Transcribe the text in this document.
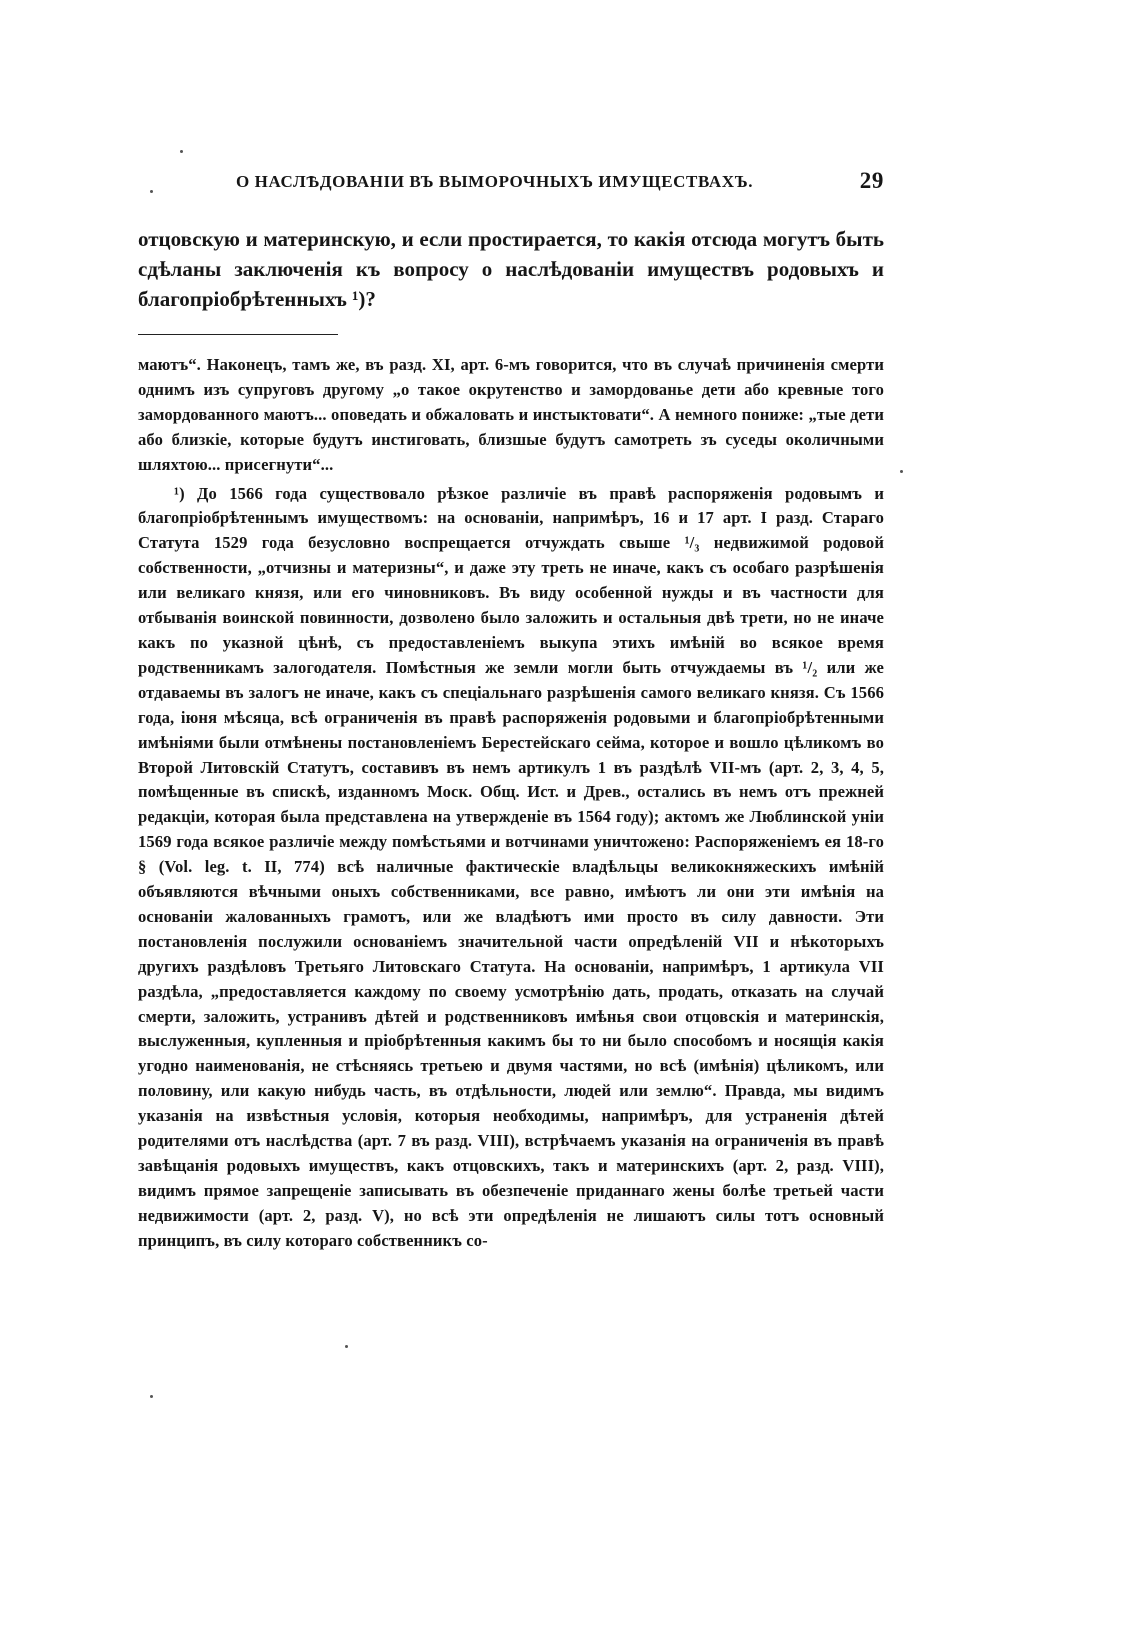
О НАСЛѢДОВАНІИ ВЪ ВЫМОРОЧНЫХЪ ИМУЩЕСТВАХЪ.	29

отцовскую и материнскую, и если простирается, то какія отсюда могутъ быть сдѣланы заключенія къ вопросу о наслѣдованіи имуществъ родовыхъ и благопріобрѣтенныхъ ¹)?

маютъ“. Наконецъ, тамъ же, въ разд. XI, арт. 6-мъ говорится, что въ случаѣ причиненія смерти однимъ изъ супруговъ другому „о такое окрутенство и замордованье дети або кревные того замордованного маютъ... оповедать и обжаловать и инстыктовати“. А немного пониже: „тые дети або близкіе, которые будутъ инстиговать, близшые будутъ самотреть зъ суседы околичными шляхтою... присегнути“...

¹) До 1566 года существовало рѣзкое различіе въ правѣ распоряженія родовымъ и благопріобрѣтеннымъ имуществомъ: на основаніи, напримѣръ, 16 и 17 арт. I разд. Стараго Статута 1529 года безусловно воспрещается отчуждать свыше ¹/₃ недвижимой родовой собственности, „отчизны и материзны“, и даже эту треть не иначе, какъ съ особаго разрѣшенія или великаго князя, или его чиновниковъ. Въ виду особенной нужды и въ частности для отбыванія воинской повинности, дозволено было заложить и остальныя двѣ трети, но не иначе какъ по указной цѣнѣ, съ предоставленіемъ выкупа этихъ имѣній во всякое время родственникамъ залогодателя. Помѣстныя же земли могли быть отчуждаемы въ ¹/₂ или же отдаваемы въ залогъ не иначе, какъ съ спеціальнаго разрѣшенія самого великаго князя. Съ 1566 года, іюня мѣсяца, всѣ ограниченія въ правѣ распоряженія родовыми и благопріобрѣтенными имѣніями были отмѣнены постановленіемъ Берестейскаго сейма, которое и вошло цѣликомъ во Второй Литовскій Статутъ, составивъ въ немъ артикулъ 1 въ раздѣлѣ VII-мъ (арт. 2, 3, 4, 5, помѣщенные въ спискѣ, изданномъ Моск. Общ. Ист. и Древ., остались въ немъ отъ прежней редакціи, которая была представлена на утвержденіе въ 1564 году); актомъ же Люблинской уніи 1569 года всякое различіе между помѣстьями и вотчинами уничтожено: Распоряженіемъ ея 18-го § (Vol. leg. t. II, 774) всѣ наличные фактическіе владѣльцы великокняжескихъ имѣній объявляются вѣчными оныхъ собственниками, все равно, имѣютъ ли они эти имѣнія на основаніи жалованныхъ грамотъ, или же владѣютъ ими просто въ силу давности. Эти постановленія послужили основаніемъ значительной части опредѣленій VII и нѣкоторыхъ другихъ раздѣловъ Третьяго Литовскаго Статута. На основаніи, напримѣръ, 1 артикула VII раздѣла, „предоставляется каждому по своему усмотрѣнію дать, продать, отказать на случай смерти, заложить, устранивъ дѣтей и родственниковъ имѣнья свои отцовскія и материнскія, выслуженныя, купленныя и пріобрѣтенныя какимъ бы то ни было способомъ и носящія какія угодно наименованія, не стѣсняясь третьею и двумя частями, но всѣ (имѣнія) цѣликомъ, или половину, или какую нибудь часть, въ отдѣльности, людей или землю“. Правда, мы видимъ указанія на извѣстныя условія, которыя необходимы, напримѣръ, для устраненія дѣтей родителями отъ наслѣдства (арт. 7 въ разд. VIII), встрѣчаемъ указанія на ограниченія въ правѣ завѣщанія родовыхъ имуществъ, какъ отцовскихъ, такъ и материнскихъ (арт. 2, разд. VIII), видимъ прямое запрещеніе записывать въ обезпеченіе приданнаго жены болѣе третьей части недвижимости (арт. 2, разд. V), но всѣ эти опредѣленія не лишаютъ силы тотъ основный принципъ, въ силу котораго собственникъ со-
